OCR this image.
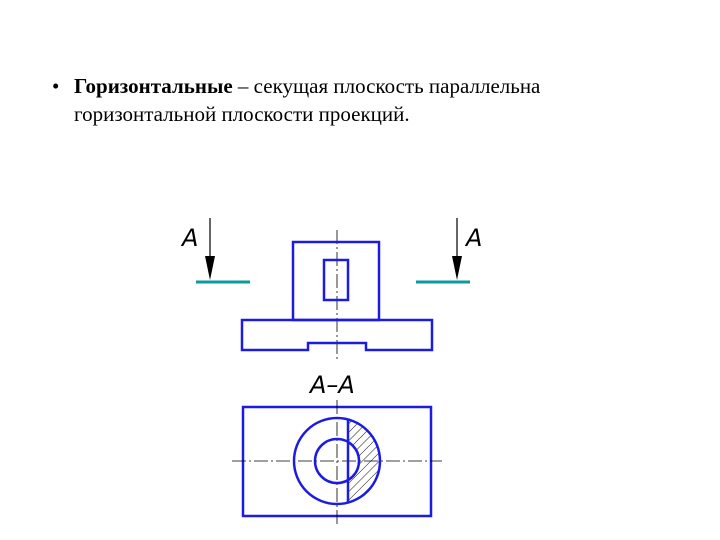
• Горизонтальные – секущая плоскость параллельна
горизонтальной плоскости проекций.
A	A
A–A
